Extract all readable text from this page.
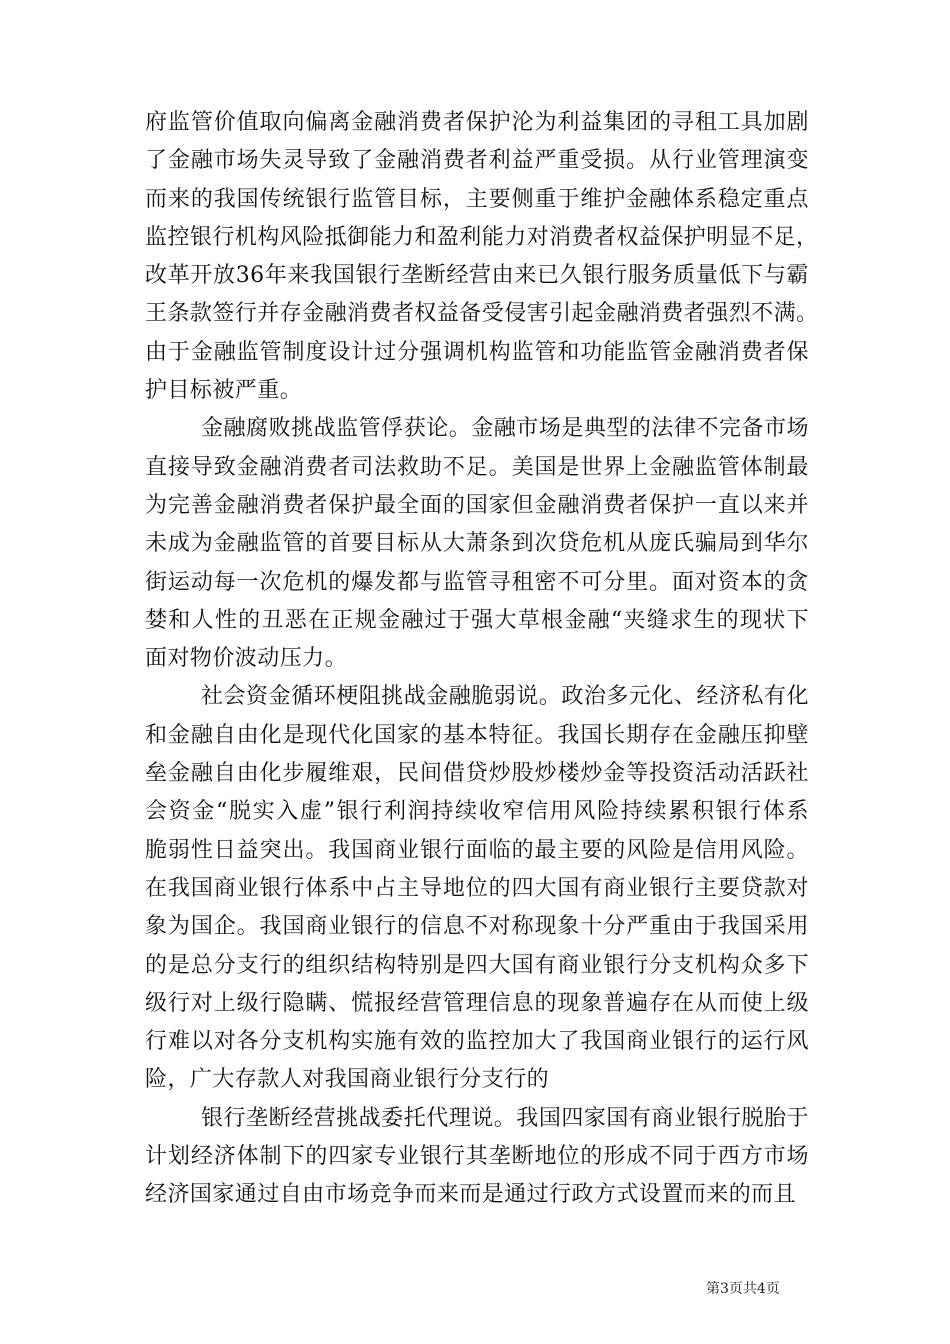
府监管价值取向偏离金融消费者保护沦为利益集团的寻租工具加剧
了金融市场失灵导致了金融消费者利益严重受损。从行业管理演变
而来的我国传统银行监管目标，主要侧重于维护金融体系稳定重点
监控银行机构风险抵御能力和盈利能力对消费者权益保护明显不足，
改革开放36年来我国银行垄断经营由来已久银行服务质量低下与霸
王条款签行并存金融消费者权益备受侵害引起金融消费者强烈不满。
由于金融监管制度设计过分强调机构监管和功能监管金融消费者保
护目标被严重。
金融腐败挑战监管俘获论。金融市场是典型的法律不完备市场
直接导致金融消费者司法救助不足。美国是世界上金融监管体制最
为完善金融消费者保护最全面的国家但金融消费者保护一直以来并
未成为金融监管的首要目标从大萧条到次贷危机从庞氏骗局到华尔
街运动每一次危机的爆发都与监管寻租密不可分里。面对资本的贪
婪和人性的丑恶在正规金融过于强大草根金融“夹缝求生的现状下
面对物价波动压力。
社会资金循环梗阻挑战金融脆弱说。政治多元化、经济私有化
和金融自由化是现代化国家的基本特征。我国长期存在金融压抑壁
垒金融自由化步履维艰，民间借贷炒股炒楼炒金等投资活动活跃社
会资金“脱实入虚”银行利润持续收窄信用风险持续累积银行体系
脆弱性日益突出。我国商业银行面临的最主要的风险是信用风险。
在我国商业银行体系中占主导地位的四大国有商业银行主要贷款对
象为国企。我国商业银行的信息不对称现象十分严重由于我国采用
的是总分支行的组织结构特别是四大国有商业银行分支机构众多下
级行对上级行隐瞒、慌报经营管理信息的现象普遍存在从而使上级
行难以对各分支机构实施有效的监控加大了我国商业银行的运行风
险，广大存款人对我国商业银行分支行的
银行垄断经营挑战委托代理说。我国四家国有商业银行脱胎于
计划经济体制下的四家专业银行其垄断地位的形成不同于西方市场
经济国家通过自由市场竞争而来而是通过行政方式设置而来的而且
第3页共4页
